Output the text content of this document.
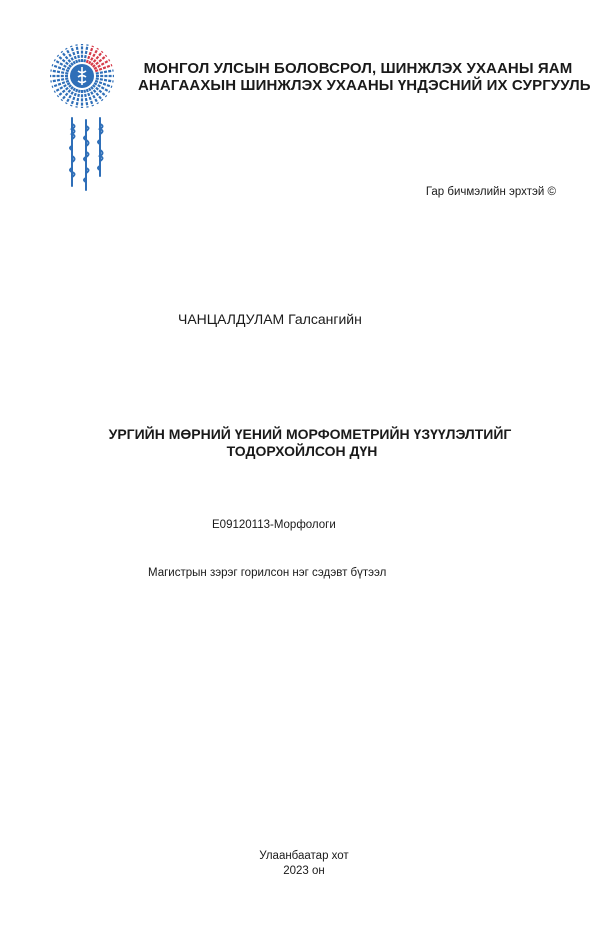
МОНГОЛ УЛСЫН БОЛОВСРОЛ, ШИНЖЛЭХ УХААНЫ ЯАМ
АНАГААХЫН ШИНЖЛЭХ УХААНЫ ҮНДЭСНИЙ ИХ СУРГУУЛЬ
Гар бичмэлийн эрхтэй ©
ЧАНЦАЛДУЛАМ Галсангийн
УРГИЙН МӨРНИЙ ҮЕНИЙ МОРФОМЕТРИЙН ҮЗҮҮЛЭЛТИЙГ
ТОДОРХОЙЛСОН ДҮН
E09120113-Морфологи
Магистрын зэрэг горилсон нэг сэдэвт бүтээл
Улаанбаатар хот
2023 он
